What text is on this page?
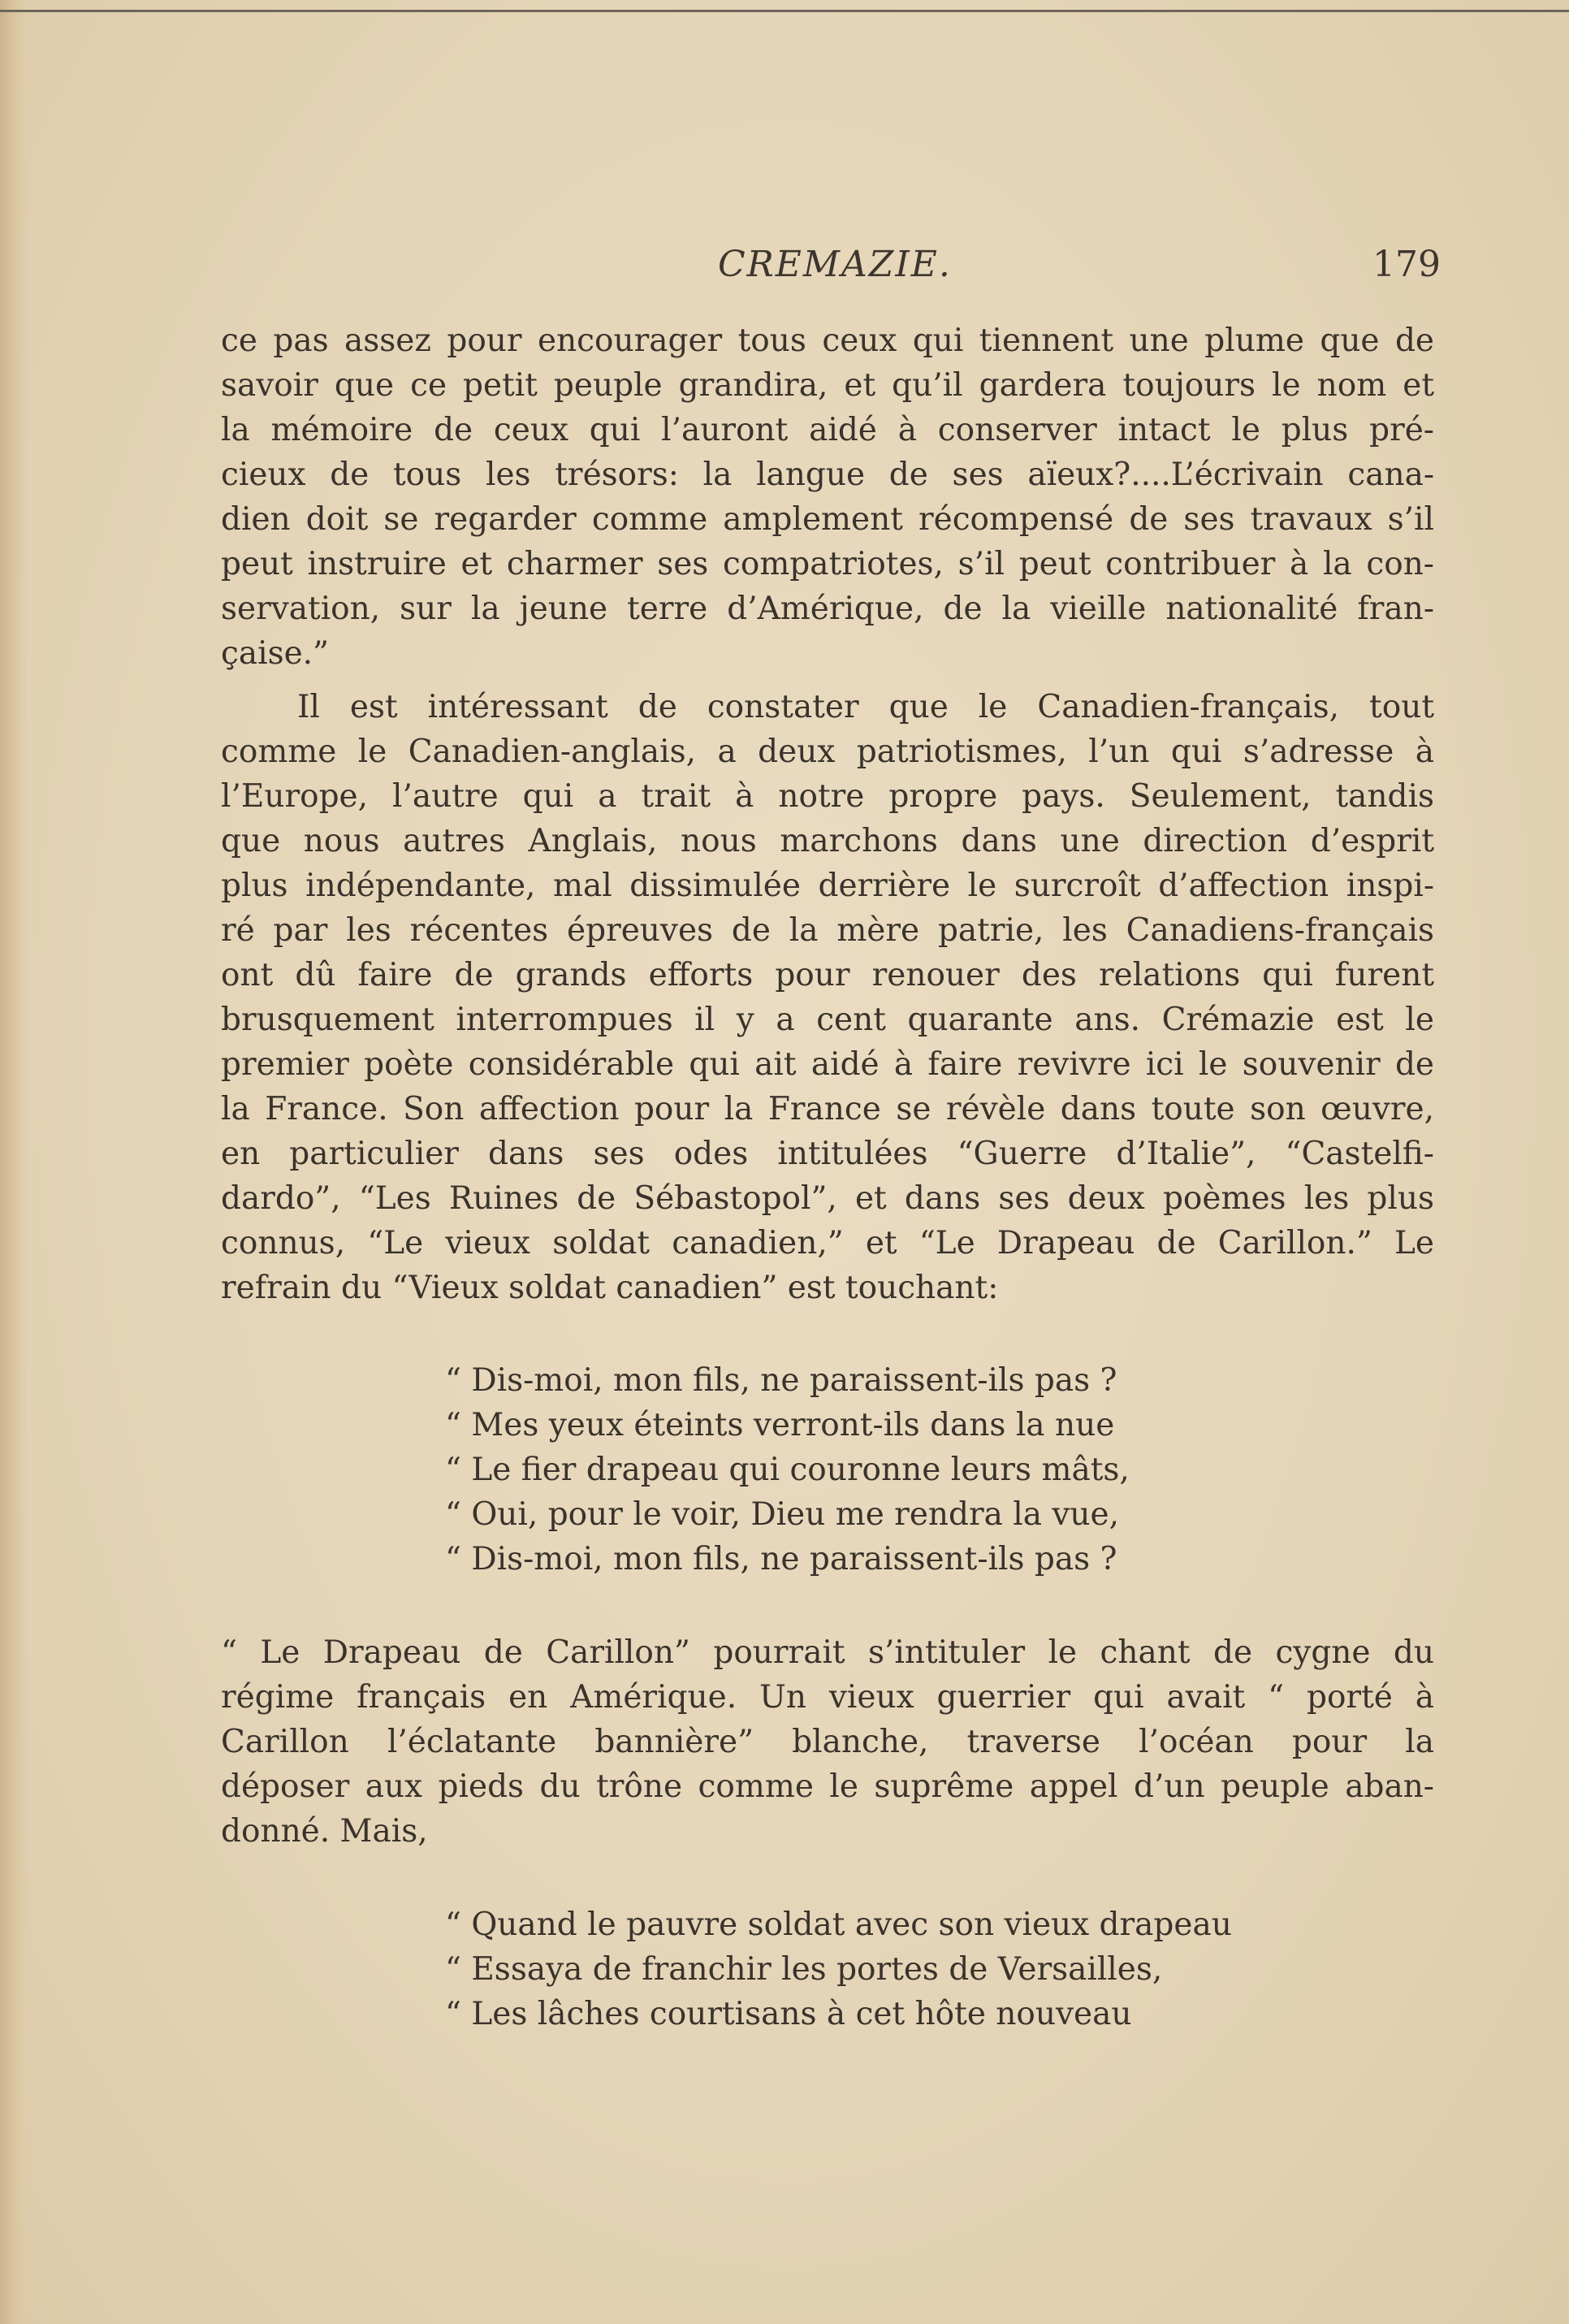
CREMAZIE.	179
ce pas assez pour encourager tous ceux qui tiennent une plume que de
savoir que ce petit peuple grandira, et qu’il gardera toujours le nom et
la mémoire de ceux qui l’auront aidé à conserver intact le plus pré-
cieux de tous les trésors: la langue de ses aïeux?....L’écrivain cana-
dien doit se regarder comme amplement récompensé de ses travaux s’il
peut instruire et charmer ses compatriotes, s’il peut contribuer à la con-
servation, sur la jeune terre d’Amérique, de la vieille nationalité fran-
çaise.”
Il est intéressant de constater que le Canadien-français, tout
comme le Canadien-anglais, a deux patriotismes, l’un qui s’adresse à
l’Europe, l’autre qui a trait à notre propre pays. Seulement, tandis
que nous autres Anglais, nous marchons dans une direction d’esprit
plus indépendante, mal dissimulée derrière le surcroît d’affection inspi-
ré par les récentes épreuves de la mère patrie, les Canadiens-français
ont dû faire de grands efforts pour renouer des relations qui furent
brusquement interrompues il y a cent quarante ans. Crémazie est le
premier poète considérable qui ait aidé à faire revivre ici le souvenir de
la France. Son affection pour la France se révèle dans toute son œuvre,
en particulier dans ses odes intitulées “Guerre d’Italie”, “Castelfi-
dardo”, “Les Ruines de Sébastopol”, et dans ses deux poèmes les plus
connus, “Le vieux soldat canadien,” et “Le Drapeau de Carillon.” Le
refrain du “Vieux soldat canadien” est touchant:
“ Dis-moi, mon fils, ne paraissent-ils pas ?
“ Mes yeux éteints verront-ils dans la nue
“ Le fier drapeau qui couronne leurs mâts,
“ Oui, pour le voir, Dieu me rendra la vue,
“ Dis-moi, mon fils, ne paraissent-ils pas ?
“ Le Drapeau de Carillon” pourrait s’intituler le chant de cygne du
régime français en Amérique. Un vieux guerrier qui avait “ porté à
Carillon l’éclatante bannière” blanche, traverse l’océan pour la
déposer aux pieds du trône comme le suprême appel d’un peuple aban-
donné. Mais,
“ Quand le pauvre soldat avec son vieux drapeau
“ Essaya de franchir les portes de Versailles,
“ Les lâches courtisans à cet hôte nouveau
